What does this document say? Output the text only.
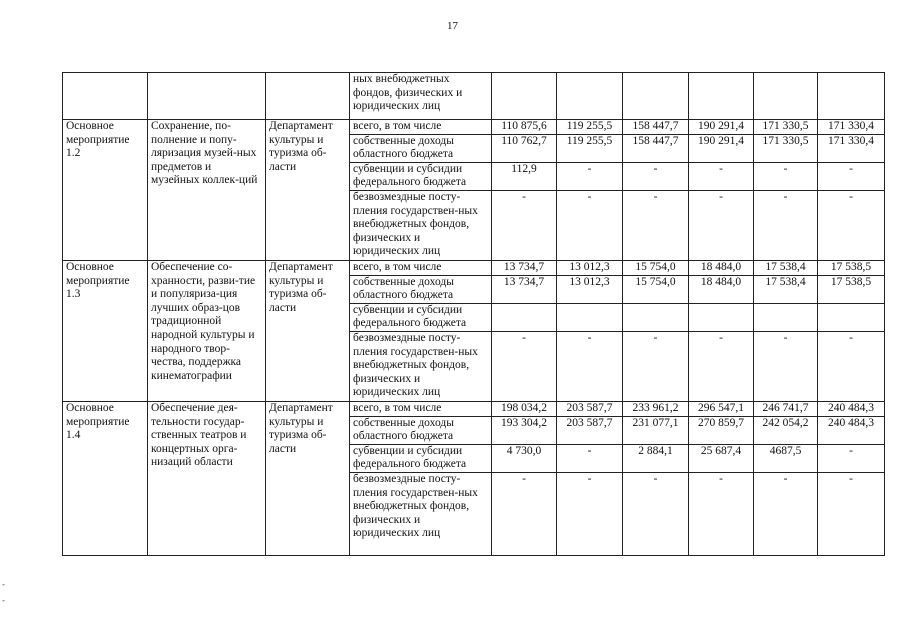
17
			ных внебюджетных фондов, физических и юридических лиц						
Основное мероприятие 1.2	Сохранение, по-полнение и попу-ляризация музей-ных предметов и музейных коллек-ций	Департамент культуры и туризма об-ласти	всего, в том числе	110 875,6	119 255,5	158 447,7	190 291,4	171 330,5	171 330,4
			собственные доходы областного бюджета	110 762,7	119 255,5	158 447,7	190 291,4	171 330,5	171 330,4
			субвенции и субсидии федерального бюджета	112,9	-	-	-	-	-
			безвозмездные посту-пления государствен-ных внебюджетных фондов, физических и юридических лиц	-	-	-	-	-	-
Основное мероприятие 1.3	Обеспечение со-хранности, разви-тие и популяриза-ция лучших образ-цов традиционной народной культуры и народного твор-чества, поддержка кинематографии	Департамент культуры и туризма об-ласти	всего, в том числе	13 734,7	13 012,3	15 754,0	18 484,0	17 538,4	17 538,5
			собственные доходы областного бюджета	13 734,7	13 012,3	15 754,0	18 484,0	17 538,4	17 538,5
			субвенции и субсидии федерального бюджета						
			безвозмездные посту-пления государствен-ных внебюджетных фондов, физических и юридических лиц	-	-	-	-	-	-
Основное мероприятие 1.4	Обеспечение дея-тельности государ-ственных театров и концертных орга-низаций области	Департамент культуры и туризма об-ласти	всего, в том числе	198 034,2	203 587,7	233 961,2	296 547,1	246 741,7	240 484,3
			собственные доходы областного бюджета	193 304,2	203 587,7	231 077,1	270 859,7	242 054,2	240 484,3
			субвенции и субсидии федерального бюджета	4 730,0	-	2 884,1	25 687,4	4687,5	-
			безвозмездные посту-пления государствен-ных внебюджетных фондов, физических и юридических лиц	-	-	-	-	-	-
-

-
